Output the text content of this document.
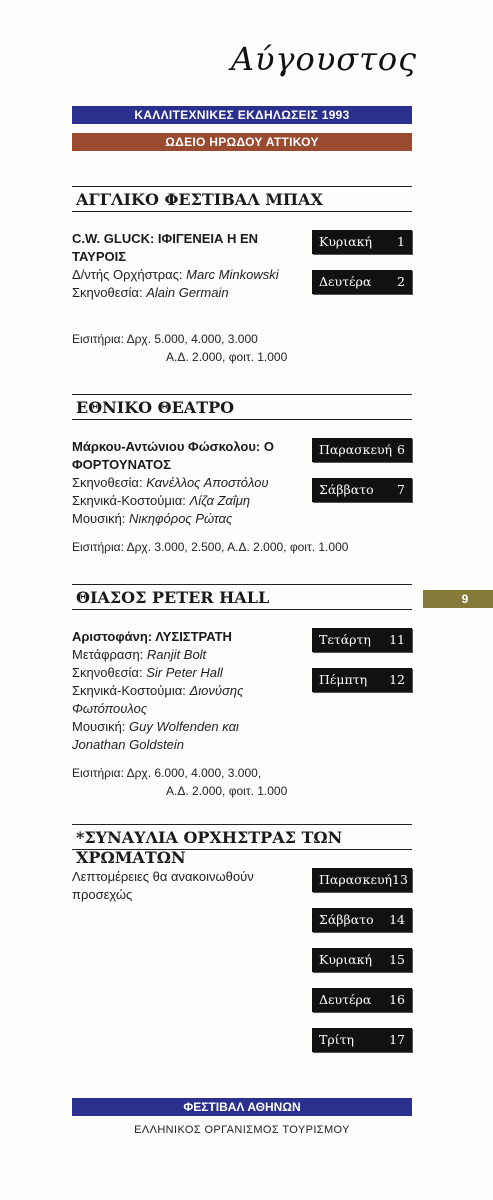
Αύγουστος
ΚΑΛΛΙΤΕΧΝΙΚΕΣ ΕΚΔΗΛΩΣΕΙΣ 1993
ΩΔΕΙΟ ΗΡΩΔΟΥ ΑΤΤΙΚΟΥ
ΑΓΓΛΙΚΟ ΦΕΣΤΙΒΑΛ ΜΠΑΧ
C.W. GLUCK: ΙΦΙΓΕΝΕΙΑ Η ΕΝ ΤΑΥΡΟΙΣ
Δ/ντής Ορχήστρας: Marc Minkowski
Σκηνοθεσία: Alain Germain
Κυριακή 1
Δευτέρα 2
Εισιτήρια: Δρχ. 5.000, 4.000, 3.000
Α.Δ. 2.000, φοιτ. 1.000
ΕΘΝΙΚΟ ΘΕΑΤΡΟ
Μάρκου-Αντώνιου Φώσκολου: Ο ΦΟΡΤΟΥΝΑΤΟΣ
Σκηνοθεσία: Κανέλλος Αποστόλου
Σκηνικά-Κοστούμια: Λίζα Ζαΐμη
Μουσική: Νικηφόρος Ρώτας
Παρασκευή 6
Σάββατο 7
Εισιτήρια: Δρχ. 3.000, 2.500, Α.Δ. 2.000, φοιτ. 1.000
9
ΘΙΑΣΟΣ PETER HALL
Αριστοφάνη: ΛΥΣΙΣΤΡΑΤΗ
Μετάφραση: Ranjit Bolt
Σκηνοθεσία: Sir Peter Hall
Σκηνικά-Κοστούμια: Διονύσης Φωτόπουλος
Μουσική: Guy Wolfenden και Jonathan Goldstein
Τετάρτη 11
Πέμπτη 12
Εισιτήρια: Δρχ. 6.000, 4.000, 3.000,
Α.Δ. 2.000, φοιτ. 1.000
*ΣΥΝΑΥΛΙΑ ΟΡΧΗΣΤΡΑΣ ΤΩΝ ΧΡΩΜΑΤΩΝ
Λεπτομέρειες θα ανακοινωθούν προσεχώς
Παρασκευή 13
Σάββατο 14
Κυριακή 15
Δευτέρα 16
Τρίτη	17
ΦΕΣΤΙΒΑΛ ΑΘΗΝΩΝ
ΕΛΛΗΝΙΚΟΣ ΟΡΓΑΝΙΣΜΟΣ ΤΟΥΡΙΣΜΟΥ
